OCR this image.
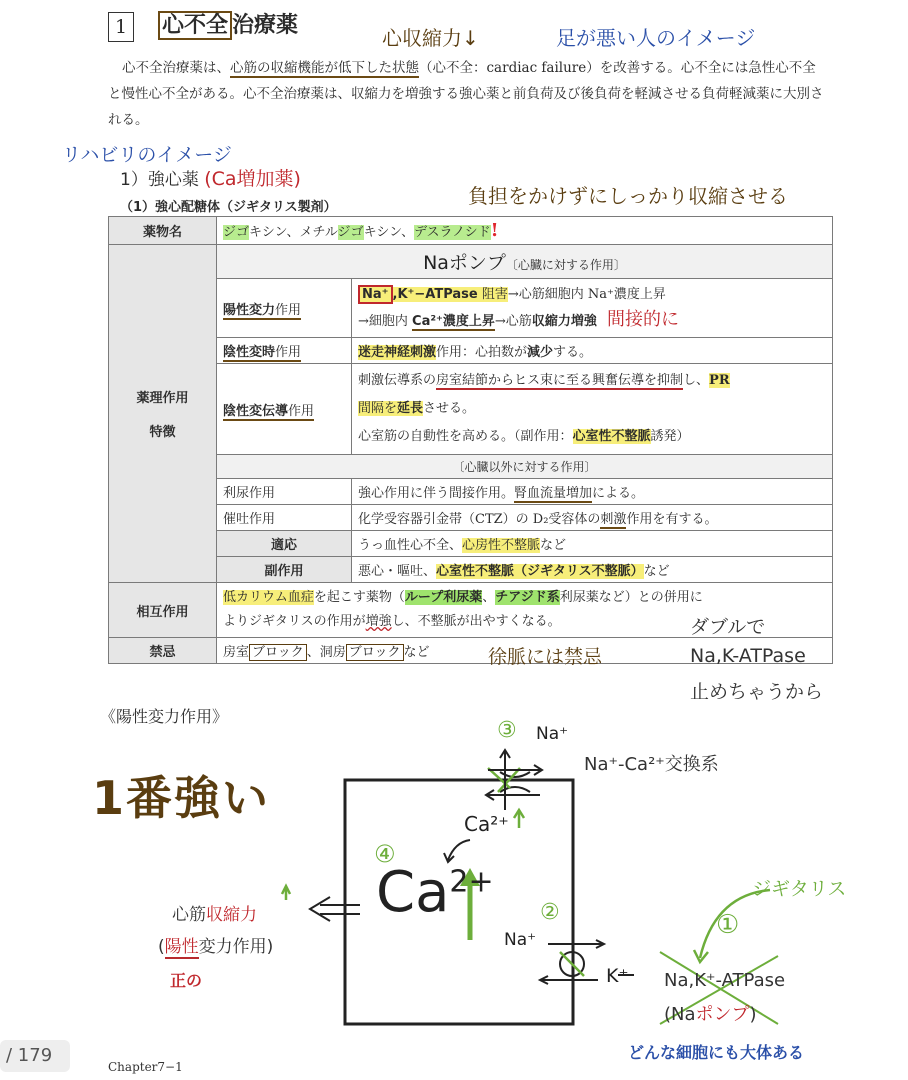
1	心不全 治療薬	心収縮力↓	足が悪い人のイメージ
心不全治療薬は、心筋の収縮機能が低下した状態（心不全：cardiac failure）を改善する。心不全には急性心不全と慢性心不全がある。心不全治療薬は、収縮力を増強する強心薬と前負荷及び後負荷を軽減させる負荷軽減薬に大別される。
リハビリのイメージ
1）強心薬 (Ca増加薬)
負担をかけずにしっかり収縮させる
（1）強心配糖体（ジギタリス製剤）
薬物名	ジゴキシン、メチルジゴキシン、デスラノシド!	
薬理作用

特徴	Naポンプ〔心臓に対する作用〕	
	陽性変力作用	Na⁺ ,K⁺−ATPase 阻害→心筋細胞内 Na⁺濃度上昇
→細胞内 Ca²⁺濃度上昇→心筋収縮力増強 間接的に
	陰性変時作用	迷走神経刺激作用：心拍数が減少する。
	陰性変伝導作用	刺激伝導系の房室結節からヒス束に至る興奮伝導を抑制し、PR
間隔を延長させる。
心室筋の自動性を高める。（副作用：心室性不整脈誘発）
	〔心臓以外に対する作用〕	
	利尿作用	強心作用に伴う間接作用。腎血流量増加による。
	催吐作用	化学受容器引金帯（CTZ）の D₂受容体の刺激作用を有する。
	適応	うっ血性心不全、心房性不整脈など
	副作用	悪心・嘔吐、心室性不整脈（ジギタリス不整脈）など
相互作用	低カリウム血症を起こす薬物（ループ利尿薬、チアジド系利尿薬など）との併用に
よりジギタリスの作用が増強し、不整脈が出やすくなる。	
禁忌	房室 ブロック 、洞房 ブロック など	
ダブルで
徐脈には禁忌	Na,K-ATPase
止めちゃうから
《陽性変力作用》
1番強い
③ Na⁺
Na⁺-Ca²⁺交換系
④
Ca²⁺
$Ca^{2+}$
②
Na⁺
K⁺
ジギタリス
①
Na,K⁺-ATPase
(Naポンプ)
どんな細胞にも大体ある
心筋収縮力
(陽性変力作用)
正の
/ 179
Chapter7−1
